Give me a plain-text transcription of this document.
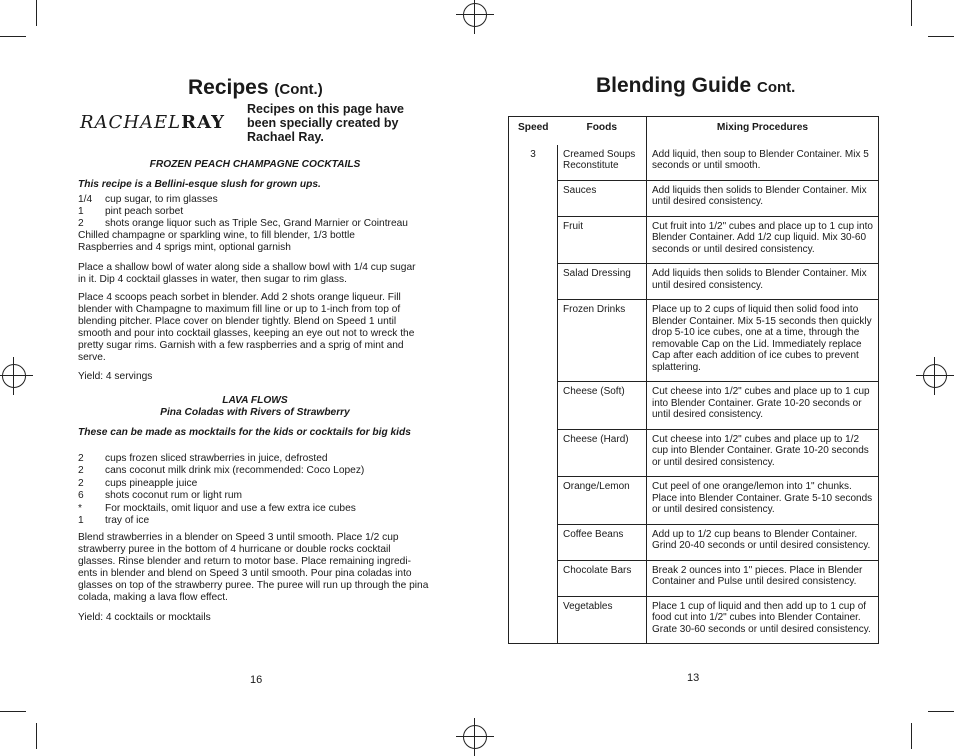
Recipes (Cont.)
RACHAELRAY
Recipes on this page have been specially created by Rachael Ray.
FROZEN PEACH CHAMPAGNE COCKTAILS
This recipe is a Bellini-esque slush for grown ups.
1/4	cup sugar, to rim glasses
1	pint peach sorbet
2	shots orange liquor such as Triple Sec, Grand Marnier or Cointreau
Chilled champagne or sparkling wine, to fill blender, 1/3 bottle
Raspberries and 4 sprigs mint, optional garnish
Place a shallow bowl of water along side a shallow bowl with 1/4 cup sugar in it. Dip 4 cocktail glasses in water, then sugar to rim glass.
Place 4 scoops peach sorbet in blender. Add 2 shots orange liqueur. Fill blender with Champagne to maximum fill line or up to 1-inch from top of blending pitcher. Place cover on blender tightly. Blend on Speed 1 until smooth and pour into cocktail glasses, keeping an eye out not to wreck the pretty sugar rims. Garnish with a few raspberries and a sprig of mint and serve.
Yield: 4 servings
LAVA FLOWS
Pina Coladas with Rivers of Strawberry
These can be made as mocktails for the kids or cocktails for big kids
2	cups frozen sliced strawberries in juice, defrosted
2	cans coconut milk drink mix (recommended: Coco Lopez)
2	cups pineapple juice
6	shots coconut rum or light rum
*	For mocktails, omit liquor and use a few extra ice cubes
1	tray of ice
Blend strawberries in a blender on Speed 3 until smooth. Place 1/2 cup strawberry puree in the bottom of 4 hurricane or double rocks cocktail glasses. Rinse blender and return to motor base. Place remaining ingredi-ents in blender and blend on Speed 3 until smooth. Pour pina coladas into glasses on top of the strawberry puree. The puree will run up through the pina colada, making a lava flow effect.
Yield: 4 cocktails or mocktails
16
Blending Guide Cont.
Speed	Foods	Mixing Procedures
3	Creamed Soups Reconstitute	Add liquid, then soup to Blender Container. Mix 5 seconds or until smooth.
	Sauces	Add liquids then solids to Blender Container. Mix until desired consistency.
	Fruit	Cut fruit into 1/2" cubes and place up to 1 cup into Blender Container. Add 1/2 cup liquid. Mix 30-60 seconds or until desired consistency.
	Salad Dressing	Add liquids then solids to Blender Container. Mix until desired consistency.
	Frozen Drinks	Place up to 2 cups of liquid then solid food into Blender Container. Mix 5-15 seconds then quickly drop 5-10 ice cubes, one at a time, through the removable Cap on the Lid. Immediately replace Cap after each addition of ice cubes to prevent splattering.
	Cheese (Soft)	Cut cheese into 1/2" cubes and place up to 1 cup into Blender Container. Grate 10-20 seconds or until desired consistency.
	Cheese (Hard)	Cut cheese into 1/2" cubes and place up to 1/2 cup into Blender Container. Grate 10-20 seconds or until desired consistency.
	Orange/Lemon	Cut peel of one orange/lemon into 1" chunks. Place into Blender Container. Grate 5-10 seconds or until desired consistency.
	Coffee Beans	Add up to 1/2 cup beans to Blender Container. Grind 20-40 seconds or until desired consistency.
	Chocolate Bars	Break 2 ounces into 1" pieces. Place in Blender Container and Pulse until desired consistency.
	Vegetables	Place 1 cup of liquid and then add up to 1 cup of food cut into 1/2" cubes into Blender Container. Grate 30-60 seconds or until desired consistency.
13
